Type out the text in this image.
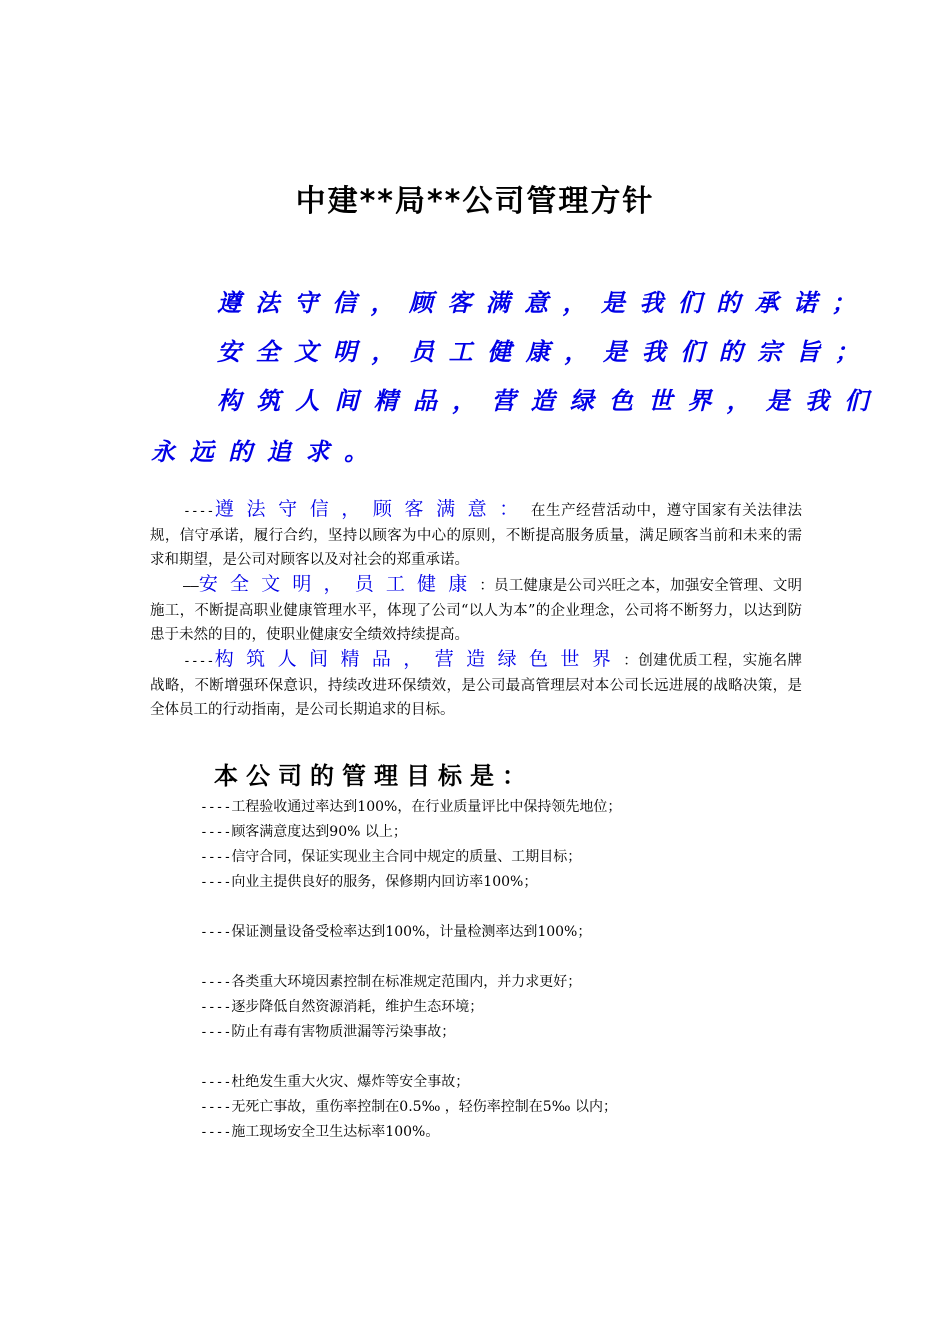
中建**局**公司管理方针

遵法守信，顾客满意，是我们的承诺；

安全文明，员工健康，是我们的宗旨；

构筑人间精品，营造绿色世界，是我们

永远的追求。

----遵法守信，顾客满意：在生产经营活动中，遵守国家有关法律法规，信守承诺，履行合约，坚持以顾客为中心的原则，不断提高服务质量，满足顾客当前和未来的需求和期望，是公司对顾客以及对社会的郑重承诺。

——安全文明，员工健康：员工健康是公司兴旺之本，加强安全管理、文明施工，不断提高职业健康管理水平，体现了公司“以人为本”的企业理念，公司将不断努力，以达到防患于未然的目的，使职业健康安全绩效持续提高。

----构筑人间精品，营造绿色世界：创建优质工程，实施名牌战略，不断增强环保意识，持续改进环保绩效，是公司最高管理层对本公司长远进展的战略决策，是全体员工的行动指南，是公司长期追求的目标。

本公司的管理目标是：
----工程验收通过率达到100%，在行业质量评比中保持领先地位；
----顾客满意度达到90% 以上；
----信守合同，保证实现业主合同中规定的质量、工期目标；
----向业主提供良好的服务，保修期内回访率100%；
----保证测量设备受检率达到100%，计量检测率达到100%；
----各类重大环境因素控制在标准规定范围内，并力求更好；
----逐步降低自然资源消耗，维护生态环境；
----防止有毒有害物质泄漏等污染事故；
----杜绝发生重大火灾、爆炸等安全事故；
----无死亡事故，重伤率控制在0.5‰ ，轻伤率控制在5‰ 以内；
----施工现场安全卫生达标率100%。
